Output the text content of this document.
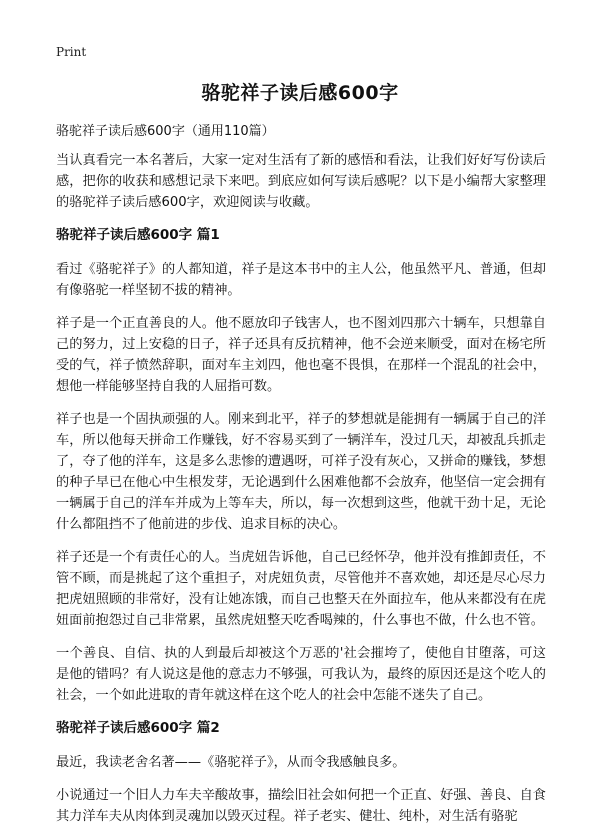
Print
骆驼祥子读后感600字
骆驼祥子读后感600字（通用110篇）

当认真看完一本名著后，大家一定对生活有了新的感悟和看法，让我们好好写份读后感，把你的收获和感想记录下来吧。到底应如何写读后感呢？以下是小编帮大家整理的骆驼祥子读后感600字，欢迎阅读与收藏。

骆驼祥子读后感600字 篇1

看过《骆驼祥子》的人都知道，祥子是这本书中的主人公，他虽然平凡、普通，但却有像骆驼一样坚韧不拔的精神。

祥子是一个正直善良的人。他不愿放印子钱害人，也不图刘四那六十辆车，只想靠自己的努力，过上安稳的日子，祥子还具有反抗精神，他不会逆来顺受，面对在杨宅所受的气，祥子愤然辞职，面对车主刘四，他也毫不畏惧，在那样一个混乱的社会中，想他一样能够坚持自我的人屈指可数。

祥子也是一个固执顽强的人。刚来到北平，祥子的梦想就是能拥有一辆属于自己的洋车，所以他每天拼命工作赚钱，好不容易买到了一辆洋车，没过几天，却被乱兵抓走了，夺了他的洋车，这是多么悲惨的遭遇呀，可祥子没有灰心，又拼命的赚钱，梦想的种子早已在他心中生根发芽，无论遇到什么困难他都不会放弃，他坚信一定会拥有一辆属于自己的洋车并成为上等车夫，所以，每一次想到这些，他就干劲十足，无论什么都阻挡不了他前进的步伐、追求目标的决心。

祥子还是一个有责任心的人。当虎妞告诉他，自己已经怀孕，他并没有推卸责任，不管不顾，而是挑起了这个重担子，对虎妞负责，尽管他并不喜欢她，却还是尽心尽力把虎妞照顾的非常好，没有让她冻饿，而自己也整天在外面拉车，他从来都没有在虎妞面前抱怨过自己非常累，虽然虎妞整天吃香喝辣的，什么事也不做，什么也不管。

一个善良、自信、执的人到最后却被这个万恶的'社会摧垮了，使他自甘堕落，可这是他的错吗？有人说这是他的意志力不够强，可我认为，最终的原因还是这个吃人的社会，一个如此进取的青年就这样在这个吃人的社会中怎能不迷失了自己。

骆驼祥子读后感600字 篇2

最近，我读老舍名著——《骆驼祥子》，从而令我感触良多。

小说通过一个旧人力车夫辛酸故事，描绘旧社会如何把一个正直、好强、善良、自食其力洋车夫从肉体到灵魂加以毁灭过程。祥子老实、健壮、纯朴，对生活有骆驼
